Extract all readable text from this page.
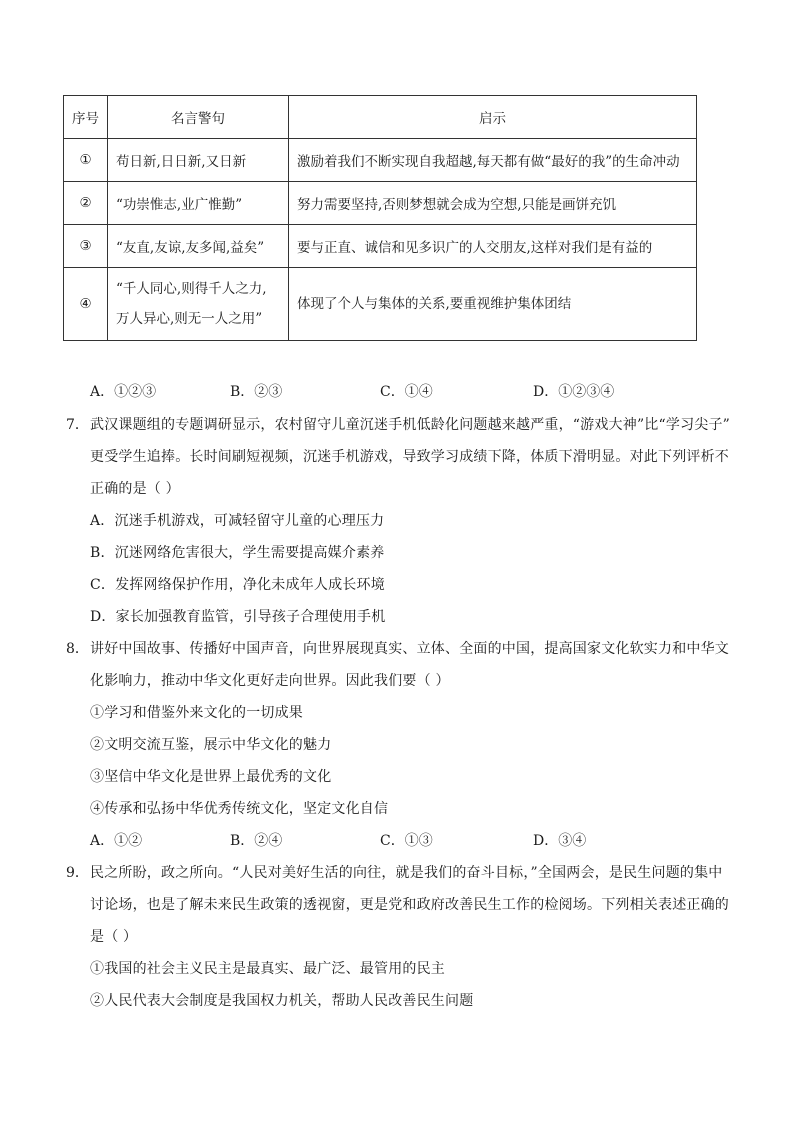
序号	名言警句	启示
①	苟日新,日日新,又日新	激励着我们不断实现自我超越,每天都有做“最好的我”的生命冲动
②	“功崇惟志,业广惟勤”	努力需要坚持,否则梦想就会成为空想,只能是画饼充饥
③	“友直,友谅,友多闻,益矣”	要与正直、诚信和见多识广的人交朋友,这样对我们是有益的
④	“千人同心,则得千人之力,
万人异心,则无一人之用”	体现了个人与集体的关系,要重视维护集体团结
A．①②③	B．②③	C．①④	D．①②③④
7． 武汉课题组的专题调研显示，农村留守儿童沉迷手机低龄化问题越来越严重，“游戏大神”比“学习尖子”
更受学生追捧。长时间刷短视频，沉迷手机游戏，导致学习成绩下降，体质下滑明显。对此下列评析不
正确的是（ ）
A．沉迷手机游戏，可减轻留守儿童的心理压力
B．沉迷网络危害很大，学生需要提高媒介素养
C．发挥网络保护作用，净化未成年人成长环境
D．家长加强教育监管，引导孩子合理使用手机
8． 讲好中国故事、传播好中国声音，向世界展现真实、立体、全面的中国，提高国家文化软实力和中华文
化影响力，推动中华文化更好走向世界。因此我们要（ ）
①学习和借鉴外来文化的一切成果
②文明交流互鉴，展示中华文化的魅力
③坚信中华文化是世界上最优秀的文化
④传承和弘扬中华优秀传统文化，坚定文化自信
A．①②	B．②④	C．①③	D．③④
9． 民之所盼，政之所向。“人民对美好生活的向往，就是我们的奋斗目标，”全国两会，是民生问题的集中
讨论场，也是了解未来民生政策的透视窗，更是党和政府改善民生工作的检阅场。下列相关表述正确的
是（ ）
①我国的社会主义民主是最真实、最广泛、最管用的民主
②人民代表大会制度是我国权力机关，帮助人民改善民生问题
